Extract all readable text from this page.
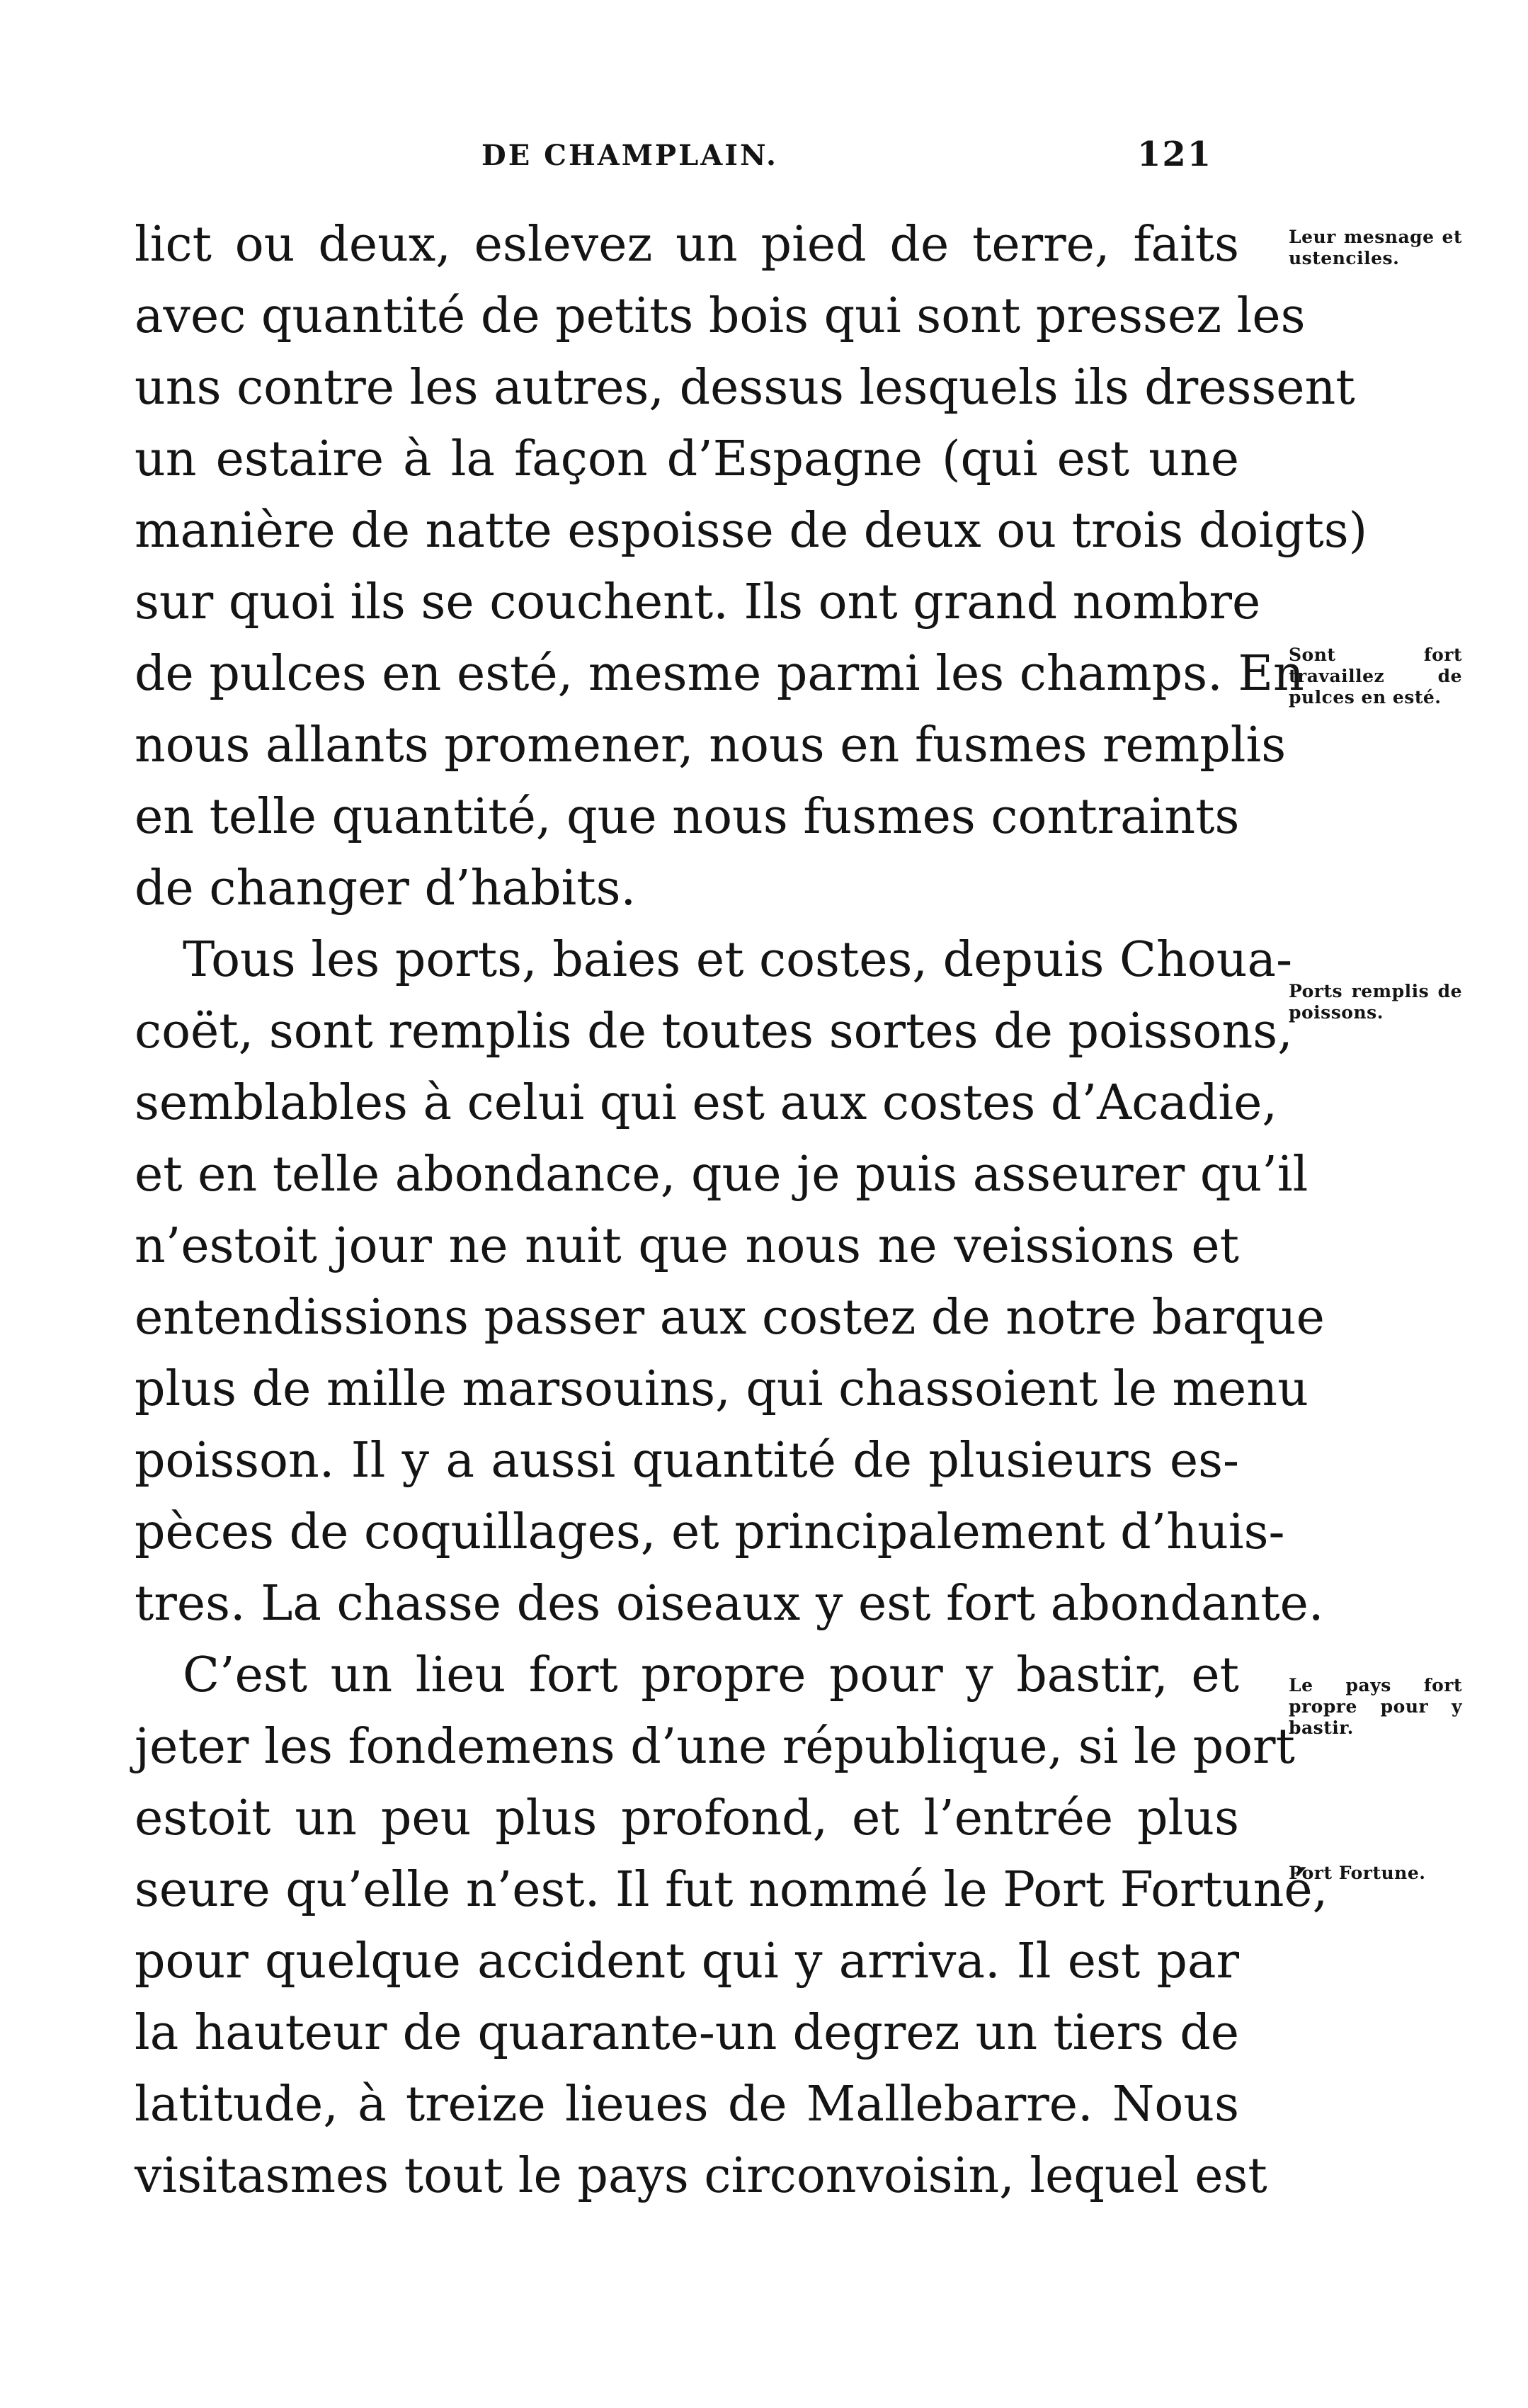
DE CHAMPLAIN.	121
lict ou deux, eslevez un pied de terre, faits
avec quantité de petits bois qui sont pressez les
uns contre les autres, dessus lesquels ils dressent
un estaire à la façon d’Espagne (qui est une
manière de natte espoisse de deux ou trois doigts)
sur quoi ils se couchent. Ils ont grand nombre
de pulces en esté, mesme parmi les champs. En
nous allants promener, nous en fusmes remplis
en telle quantité, que nous fusmes contraints
de changer d’habits.
Tous les ports, baies et costes, depuis Choua-
coët, sont remplis de toutes sortes de poissons,
semblables à celui qui est aux costes d’Acadie,
et en telle abondance, que je puis asseurer qu’il
n’estoit jour ne nuit que nous ne veissions et
entendissions passer aux costez de notre barque
plus de mille marsouins, qui chassoient le menu
poisson. Il y a aussi quantité de plusieurs es-
pèces de coquillages, et principalement d’huis-
tres. La chasse des oiseaux y est fort abondante.
C’est un lieu fort propre pour y bastir, et
jeter les fondemens d’une république, si le port
estoit un peu plus profond, et l’entrée plus
seure qu’elle n’est. Il fut nommé le Port Fortuné,
pour quelque accident qui y arriva. Il est par
la hauteur de quarante-un degrez un tiers de
latitude, à treize lieues de Mallebarre. Nous
visitasmes tout le pays circonvoisin, lequel est
Leur mesnage et ustenciles.
Sont fort travaillez de pulces en esté.
Ports remplis de poissons.
Le pays fort propre pour y bastir.
Port Fortune.
